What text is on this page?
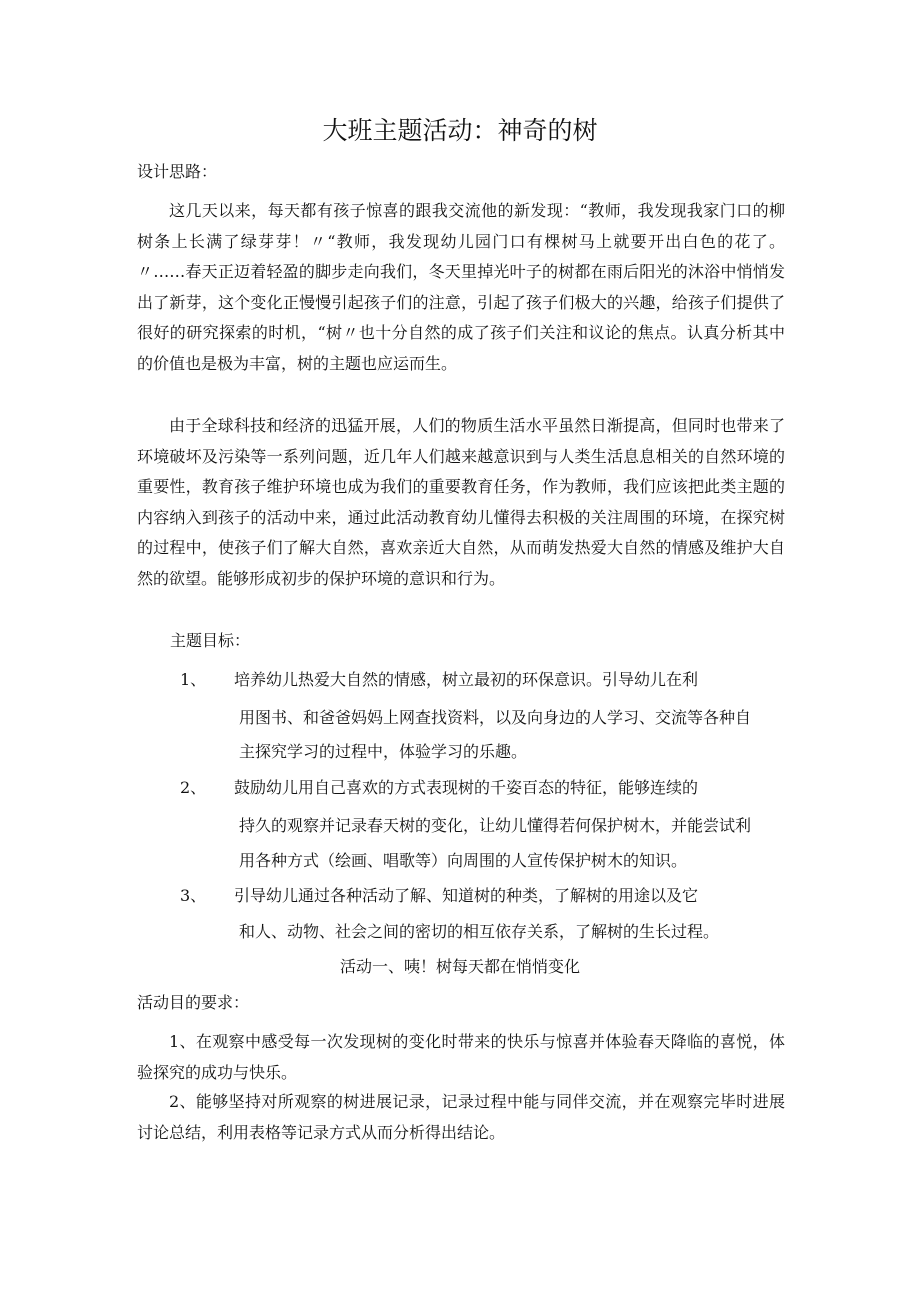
大班主题活动：神奇的树
设计思路：

这几天以来，每天都有孩子惊喜的跟我交流他的新发现：“教师，我发现我家门口的柳树条上长满了绿芽芽！〃“教师，我发现幼儿园门口有棵树马上就要开出白色的花了。〃……春天正迈着轻盈的脚步走向我们，冬天里掉光叶子的树都在雨后阳光的沐浴中悄悄发出了新芽，这个变化正慢慢引起孩子们的注意，引起了孩子们极大的兴趣，给孩子们提供了很好的研究探索的时机，“树〃也十分自然的成了孩子们关注和议论的焦点。认真分析其中的价值也是极为丰富，树的主题也应运而生。

由于全球科技和经济的迅猛开展，人们的物质生活水平虽然日渐提高，但同时也带来了环境破坏及污染等一系列问题，近几年人们越来越意识到与人类生活息息相关的自然环境的重要性，教育孩子维护环境也成为我们的重要教育任务，作为教师，我们应该把此类主题的内容纳入到孩子的活动中来，通过此活动教育幼儿懂得去积极的关注周围的环境，在探究树的过程中，使孩子们了解大自然，喜欢亲近大自然，从而萌发热爱大自然的情感及维护大自然的欲望。能够形成初步的保护环境的意识和行为。

主题目标：
1、 培养幼儿热爱大自然的情感，树立最初的环保意识。引导幼儿在利
用图书、和爸爸妈妈上网查找资料，以及向身边的人学习、交流等各种自
主探究学习的过程中，体验学习的乐趣。
2、 鼓励幼儿用自己喜欢的方式表现树的千姿百态的特征，能够连续的
持久的观察并记录春天树的变化，让幼儿懂得若何保护树木，并能尝试利
用各种方式（绘画、唱歌等）向周围的人宣传保护树木的知识。
3、 引导幼儿通过各种活动了解、知道树的种类，了解树的用途以及它
和人、动物、社会之间的密切的相互依存关系，了解树的生长过程。
活动一、咦！树每天都在悄悄变化
活动目的要求：

1、在观察中感受每一次发现树的变化时带来的快乐与惊喜并体验春天降临的喜悦，体验探究的成功与快乐。

2、能够坚持对所观察的树进展记录，记录过程中能与同伴交流，并在观察完毕时进展讨论总结，利用表格等记录方式从而分析得出结论。
